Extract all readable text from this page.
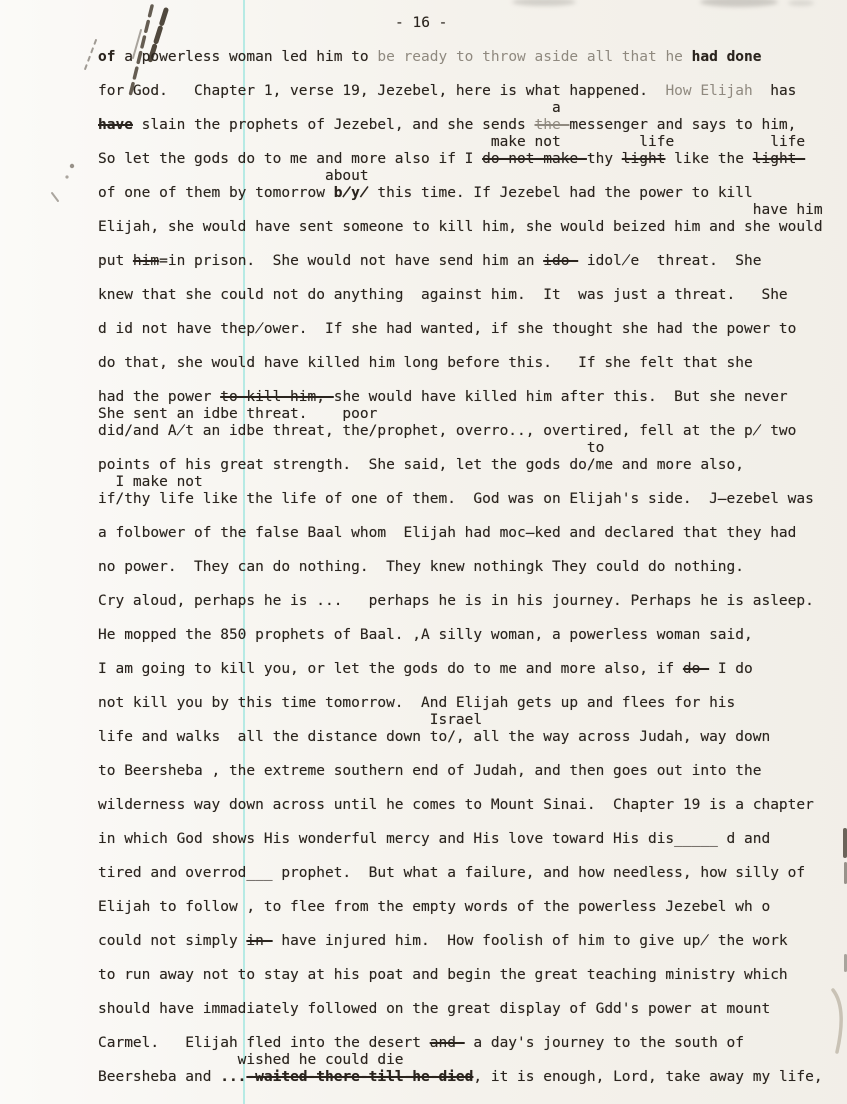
- 16 -
of a powerless woman led him to be ready to throw aside all that he had done
for God.   Chapter 1, verse 19, Jezebel, here is what happened.  How Elijah  has
a
have slain the prophets of Jezebel, and she sends the-messenger and says to him,
make not         life           life
So let the gods do to me and more also if I do-not-make-thy light like the light-
about
of one of them by tomorrow b̸y̸ this time. If Jezebel had the power to kill
have him
Elijah, she would have sent someone to kill him, she would beized him and she would
put him=in prison.  She would not have send him an ido- idol̸e  threat.  She
knew that she could not do anything  against him.  It  was just a threat.   She
d id not have thep̸ower.  If she had wanted, if she thought she had the power to
do that, she would have killed him long before this.   If she felt that she
had the power to-kill-him,-she would have killed him after this.  But she never
She sent an idbe threat.    poor
did/and A̸t an idbe threat, the/prophet, overro.., overtired, fell at the p̸ two
to
points of his great strength.  She said, let the gods do/me and more also,
I make not
if/thy life like the life of one of them.  God was on Elijah's side.  J̶ezebel was
a folbower of the false Baal whom  Elijah had moc̶ked and declared that they had
no power.  They can do nothing.  They knew nothingk They could do nothing.
Cry aloud, perhaps he is ...   perhaps he is in his journey. Perhaps he is asleep.
He mopped the 850 prophets of Baal. ‚A silly woman, a powerless woman said,
I am going to kill you, or let the gods do to me and more also, if do- I do
not kill you by this time tomorrow.  And Elijah gets up and flees for his
Israel
life and walks  all the distance down to/, all the way across Judah, way down
to Beersheba , the extreme southern end of Judah, and then goes out into the
wilderness way down across until he comes to Mount Sinai.  Chapter 19 is a chapter
in which God shows His wonderful mercy and His love toward His dis_____ d and
tired and overrod___ prophet.  But what a failure, and how needless, how silly of
Elijah to follow , to flee from the empty words of the powerless Jezebel wh o
could not simply in- have injured him.  How foolish of him to give up̸ the work
to run away not to stay at his poat and begin the great teaching ministry which
should have immadiately followed on the great display of Gdd's power at mount
Carmel.   Elijah fled into the desert and- a day's journey to the south of
wished he could die
Beersheba and ...-waited-there-till-he-died, it is enough, Lord, take away my life,
